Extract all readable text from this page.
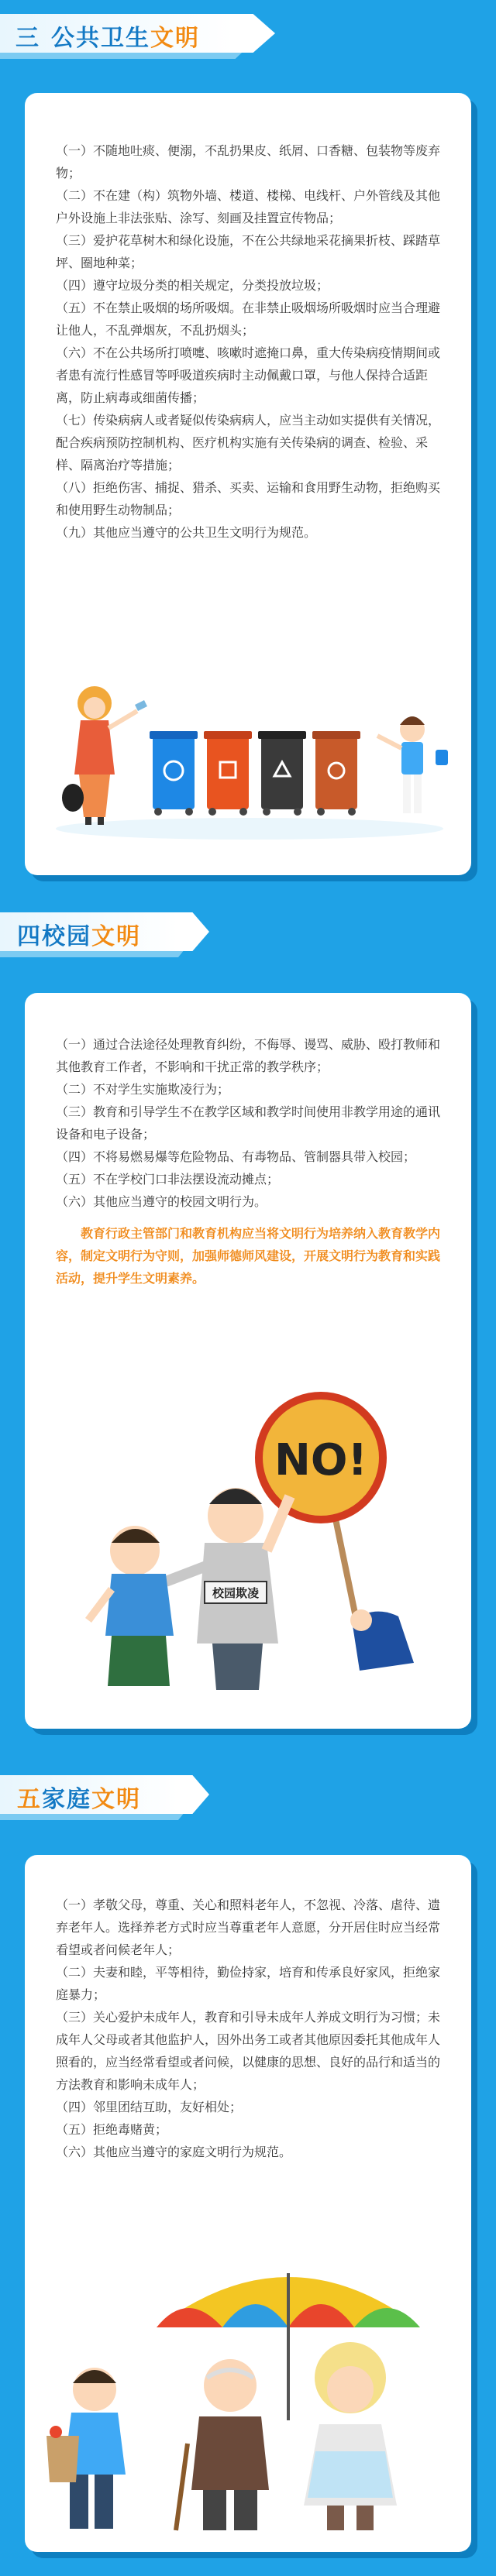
三 公共卫生文明

（一）不随地吐痰、便溺，不乱扔果皮、纸屑、口香糖、包装物等废弃物；

（二）不在建（构）筑物外墙、楼道、楼梯、电线杆、户外管线及其他户外设施上非法张贴、涂写、刻画及挂置宣传物品；

（三）爱护花草树木和绿化设施，不在公共绿地采花摘果折枝、踩踏草坪、圈地种菜；

（四）遵守垃圾分类的相关规定，分类投放垃圾；

（五）不在禁止吸烟的场所吸烟。在非禁止吸烟场所吸烟时应当合理避让他人，不乱弹烟灰，不乱扔烟头；

（六）不在公共场所打喷嚏、咳嗽时遮掩口鼻，重大传染病疫情期间或者患有流行性感冒等呼吸道疾病时主动佩戴口罩，与他人保持合适距离，防止病毒或细菌传播；

（七）传染病病人或者疑似传染病病人，应当主动如实提供有关情况，配合疾病预防控制机构、医疗机构实施有关传染病的调查、检验、采样、隔离治疗等措施；

（八）拒绝伤害、捕捉、猎杀、买卖、运输和食用野生动物，拒绝购买和使用野生动物制品；

（九）其他应当遵守的公共卫生文明行为规范。

四校园文明

（一）通过合法途径处理教育纠纷，不侮辱、谩骂、威胁、殴打教师和其他教育工作者，不影响和干扰正常的教学秩序；

（二）不对学生实施欺凌行为；

（三）教育和引导学生不在教学区域和教学时间使用非教学用途的通讯设备和电子设备；

（四）不将易燃易爆等危险物品、有毒物品、管制器具带入校园；

（五）不在学校门口非法摆设流动摊点；

（六）其他应当遵守的校园文明行为。

教育行政主管部门和教育机构应当将文明行为培养纳入教育教学内容，制定文明行为守则，加强师德师风建设，开展文明行为教育和实践活动，提升学生文明素养。

NO!
校园欺凌
五家庭文明

（一）孝敬父母，尊重、关心和照料老年人，不忽视、冷落、虐待、遗弃老年人。选择养老方式时应当尊重老年人意愿，分开居住时应当经常看望或者问候老年人；

（二）夫妻和睦，平等相待，勤俭持家，培育和传承良好家风，拒绝家庭暴力；

（三）关心爱护未成年人，教育和引导未成年人养成文明行为习惯；未成年人父母或者其他监护人，因外出务工或者其他原因委托其他成年人照看的，应当经常看望或者问候，以健康的思想、良好的品行和适当的方法教育和影响未成年人；

（四）邻里团结互助，友好相处；

（五）拒绝毒赌黄；

（六）其他应当遵守的家庭文明行为规范。
